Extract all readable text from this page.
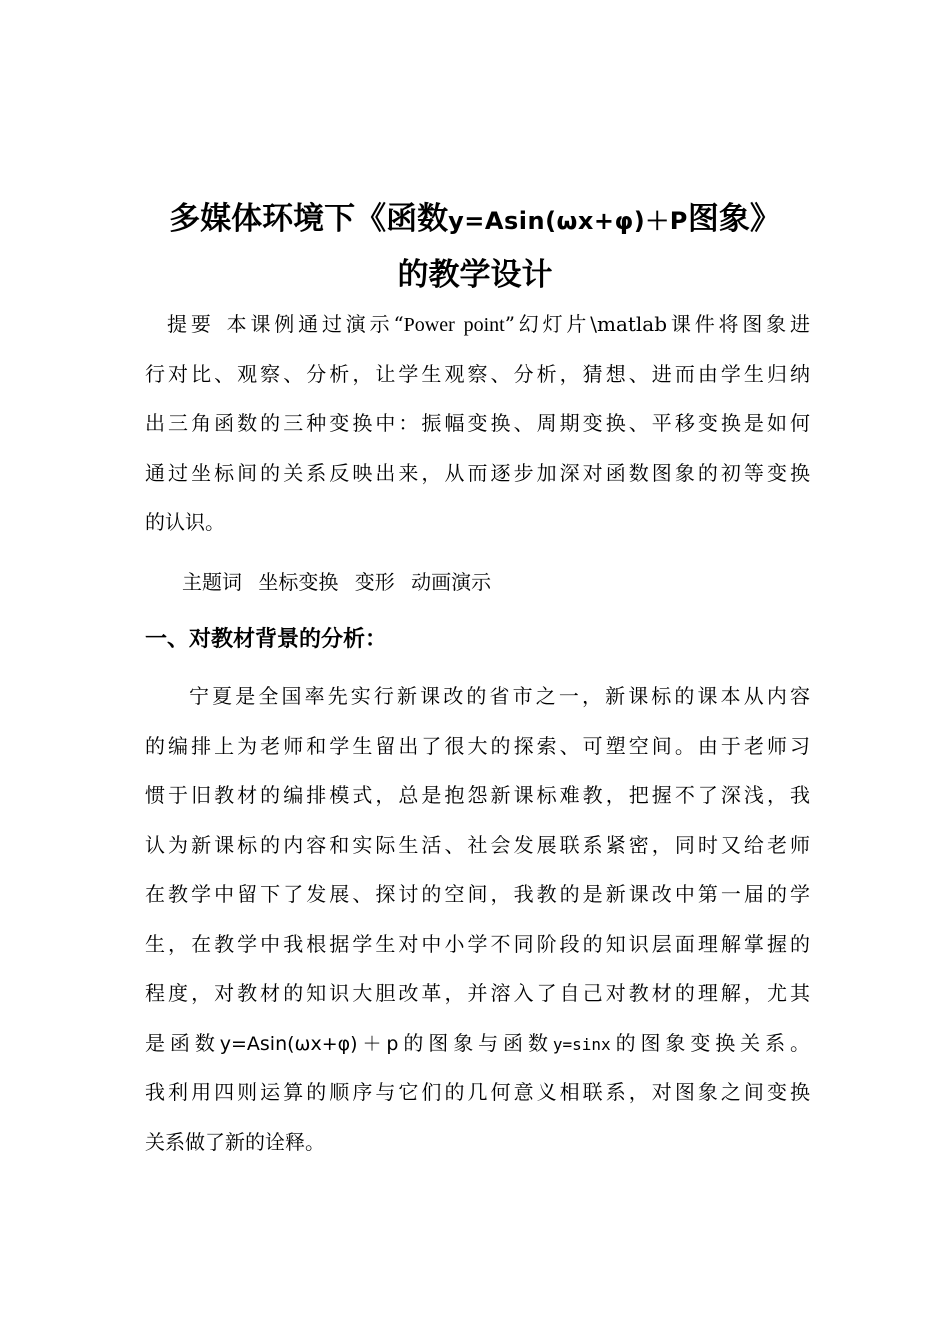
多媒体环境下《函数y=Asin(ωx+φ)＋P图象》
的教学设计
提要 本课例通过演示“Power point”幻灯片\matlab课件将图象进
行对比、观察、分析，让学生观察、分析，猜想、进而由学生归纳
出三角函数的三种变换中：振幅变换、周期变换、平移变换是如何
通过坐标间的关系反映出来，从而逐步加深对函数图象的初等变换
的认识。
主题词 坐标变换 变形 动画演示
一、对教材背景的分析：
宁夏是全国率先实行新课改的省市之一，新课标的课本从内容
的编排上为老师和学生留出了很大的探索、可塑空间。由于老师习
惯于旧教材的编排模式，总是抱怨新课标难教，把握不了深浅，我
认为新课标的内容和实际生活、社会发展联系紧密，同时又给老师
在教学中留下了发展、探讨的空间，我教的是新课改中第一届的学
生，在教学中我根据学生对中小学不同阶段的知识层面理解掌握的
程度，对教材的知识大胆改革，并溶入了自己对教材的理解，尤其
是函数y=Asin(ωx+φ)＋p的图象与函数y=sinx的图象变换关系。
我利用四则运算的顺序与它们的几何意义相联系，对图象之间变换
关系做了新的诠释。
